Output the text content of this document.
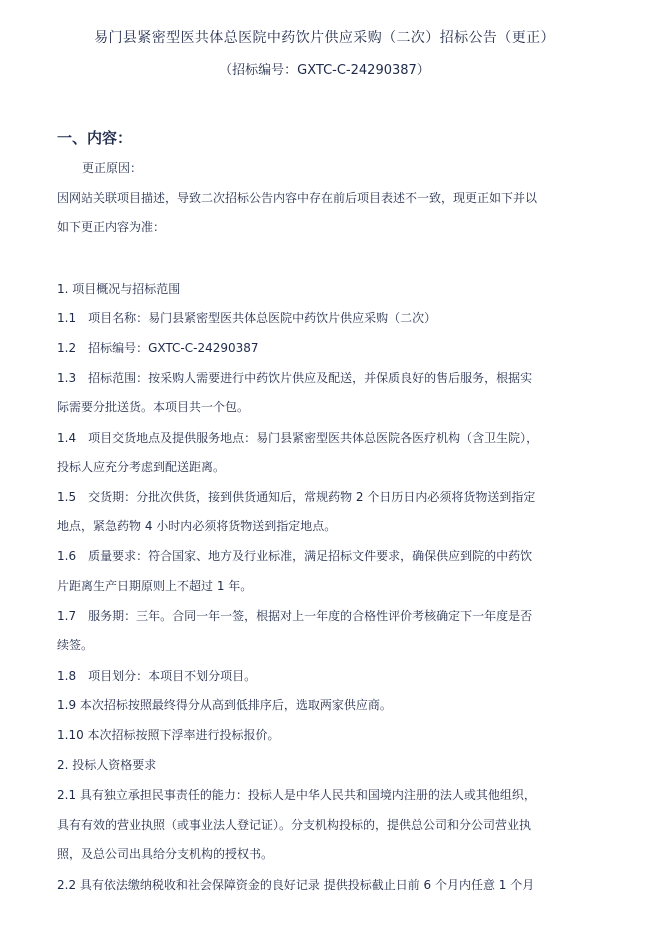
易门县紧密型医共体总医院中药饮片供应采购（二次）招标公告（更正）
（招标编号：GXTC-C-24290387）
一、内容：
更正原因：
因网站关联项目描述，导致二次招标公告内容中存在前后项目表述不一致，现更正如下并以
如下更正内容为准：
1. 项目概况与招标范围
1.1　项目名称：易门县紧密型医共体总医院中药饮片供应采购（二次）
1.2　招标编号：GXTC-C-24290387
1.3　招标范围：按采购人需要进行中药饮片供应及配送，并保质良好的售后服务，根据实
际需要分批送货。本项目共一个包。
1.4　项目交货地点及提供服务地点：易门县紧密型医共体总医院各医疗机构（含卫生院），
投标人应充分考虑到配送距离。
1.5　交货期：分批次供货，接到供货通知后，常规药物 2 个日历日内必须将货物送到指定
地点，紧急药物 4 小时内必须将货物送到指定地点。
1.6　质量要求：符合国家、地方及行业标准，满足招标文件要求，确保供应到院的中药饮
片距离生产日期原则上不超过 1 年。
1.7　服务期：三年。合同一年一签，根据对上一年度的合格性评价考核确定下一年度是否
续签。
1.8　项目划分：本项目不划分项目。
1.9 本次招标按照最终得分从高到低排序后，选取两家供应商。
1.10 本次招标按照下浮率进行投标报价。
2. 投标人资格要求
2.1 具有独立承担民事责任的能力：投标人是中华人民共和国境内注册的法人或其他组织，
具有有效的营业执照（或事业法人登记证）。分支机构投标的，提供总公司和分公司营业执
照，及总公司出具给分支机构的授权书。
2.2 具有依法缴纳税收和社会保障资金的良好记录 提供投标截止日前 6 个月内任意 1 个月
